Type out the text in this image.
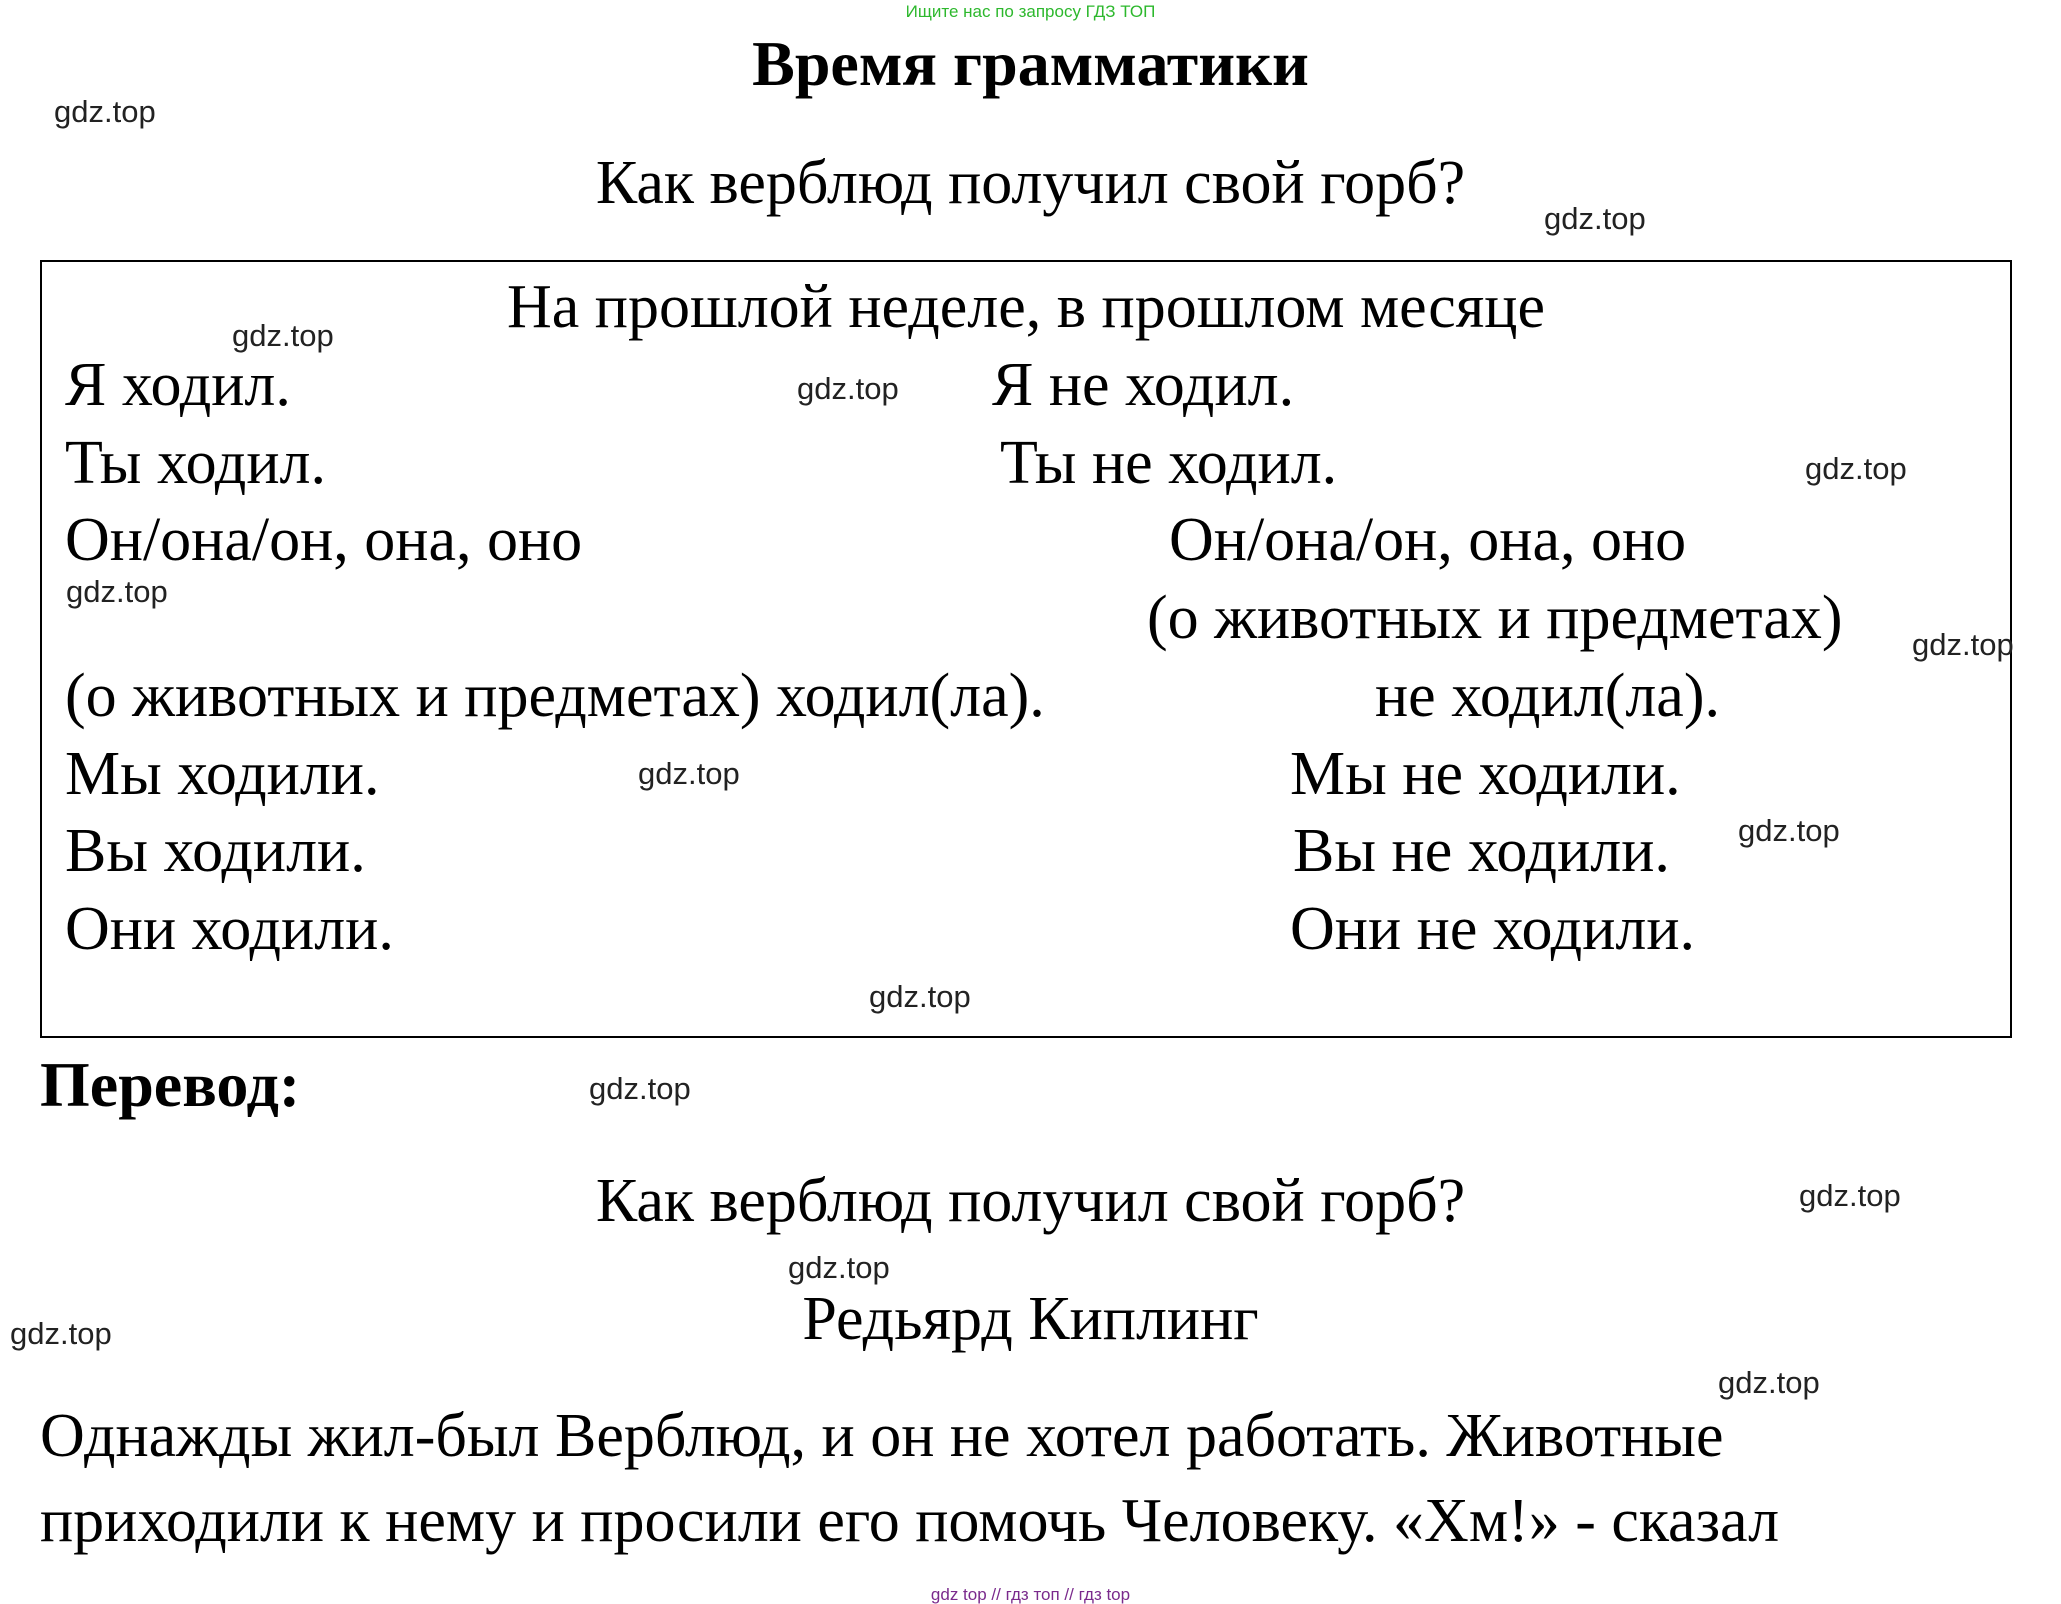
Ищите нас по запросу ГДЗ ТОП
Время грамматики
Как верблюд получил свой горб?
На прошлой неделе, в прошлом месяце
Я ходил.
Ты ходил.
Он/она/он, она, оно
(о животных и предметах) ходил(ла).
Мы ходили.
Вы ходили.
Они ходили.
Я не ходил.
Ты не ходил.
Он/она/он, она, оно
(о животных и предметах)
не ходил(ла).
Мы не ходили.
Вы не ходили.
Они не ходили.
Перевод:
Как верблюд получил свой горб?
Редьярд Киплинг
Однажды жил-был Верблюд, и он не хотел работать. Животные
приходили к нему и просили его помочь Человеку. «Хм!» - сказал
gdz.top
gdz.top
gdz.top
gdz.top
gdz.top
gdz.top
gdz.top
gdz.top
gdz.top
gdz.top
gdz.top
gdz.top
gdz.top
gdz.top
gdz.top
gdz top // гдз топ // гдз top
